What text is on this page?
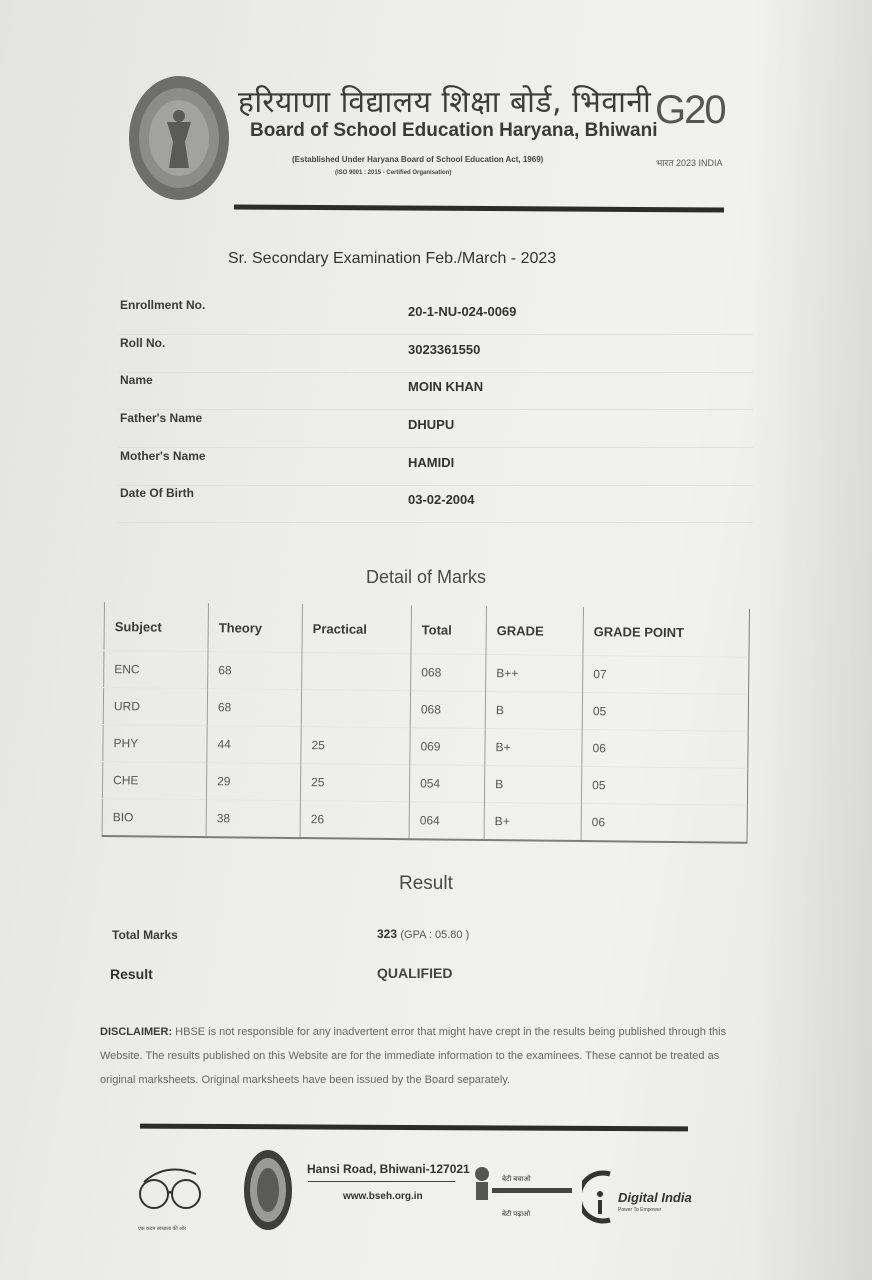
हरियाणा विद्यालय शिक्षा बोर्ड, भिवानी
Board of School Education Haryana, Bhiwani
(Established Under Haryana Board of School Education Act, 1969)
(ISO 9001 : 2015 - Certified Organisation)
G20
भारत 2023 INDIA
Sr. Secondary Examination Feb./March - 2023
Enrollment No.	20-1-NU-024-0069
Roll No.	3023361550
Name	MOIN KHAN
Father's Name	DHUPU
Mother's Name	HAMIDI
Date Of Birth	03-02-2004
Detail of Marks
Subject	Theory	Practical	Total	GRADE	GRADE POINT
ENC	68		068	B++	07
URD	68		068	B	05
PHY	44	25	069	B+	06
CHE	29	25	054	B	05
BIO	38	26	064	B+	06
Result
Total Marks	323 (GPA : 05.80 )
Result	QUALIFIED
DISCLAIMER: HBSE is not responsible for any inadvertent error that might have crept in the results being published through this Website. The results published on this Website are for the immediate information to the examinees. These cannot be treated as original marksheets. Original marksheets have been issued by the Board separately.
एक कदम स्वच्छता की ओर
Hansi Road, Bhiwani-127021
www.bseh.org.in
बेटी बचाओ
बेटी पढ़ाओ
Digital India
Power To Empower
